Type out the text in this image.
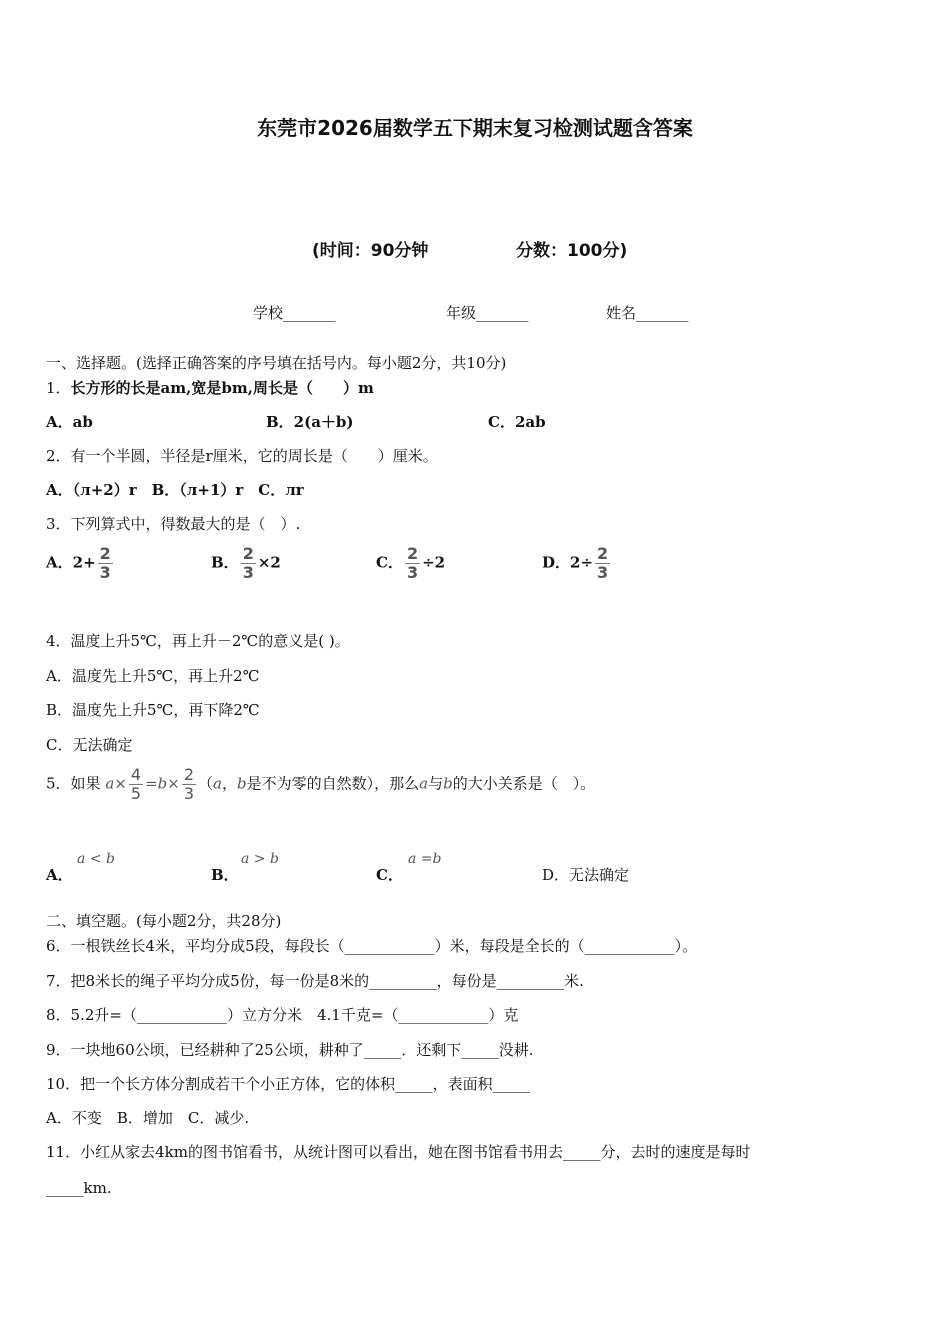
东莞市2026届数学五下期末复习检测试题含答案
(时间：90分钟	分数：100分)
学校_______	年级_______	姓名_______
一、选择题。(选择正确答案的序号填在括号内。每小题2分，共10分)
1．长方形的长是am,宽是bm,周长是（　　）m
A．ab	B．2(a＋b)	C．2ab
2．有一个半圆，半径是r厘米，它的周长是（　　）厘米。
A．（л+2）r　B．（л+1）r　C．лr
3．下列算式中，得数最大的是（　）.
A．$2+ \frac{2}{3}$	B． $\frac{2}{3} \times 2$	C． $\frac{2}{3} \div 2$	D．$2\div \frac{2}{3}$
4．温度上升5℃，再上升－2℃的意义是( )。
A．温度先上升5℃，再上升2℃
B．温度先上升5℃，再下降2℃
C．无法确定
5．如果 $a\times \frac{4}{5} =b\times \frac{2}{3} (a$，b是不为零的自然数），那么a与b的大小关系是（　）。
A．
a < b
B．
a > b
C．
a =b
D．无法确定
二、填空题。(每小题2分，共28分)
6．一根铁丝长4米，平均分成5段，每段长（____________）米，每段是全长的（____________）。
7．把8米长的绳子平均分成5份，每一份是8米的_________，每份是_________米.
8．5.2升=（____________）立方分米　4.1千克=（____________）克
9．一块地60公顷，已经耕种了25公顷，耕种了_____．还剩下_____没耕.
10．把一个长方体分割成若干个小正方体，它的体积_____，表面积_____
A．不变　B．增加　C．减少.
11．小红从家去4km的图书馆看书，从统计图可以看出，她在图书馆看书用去_____分，去时的速度是每时
_____km.
